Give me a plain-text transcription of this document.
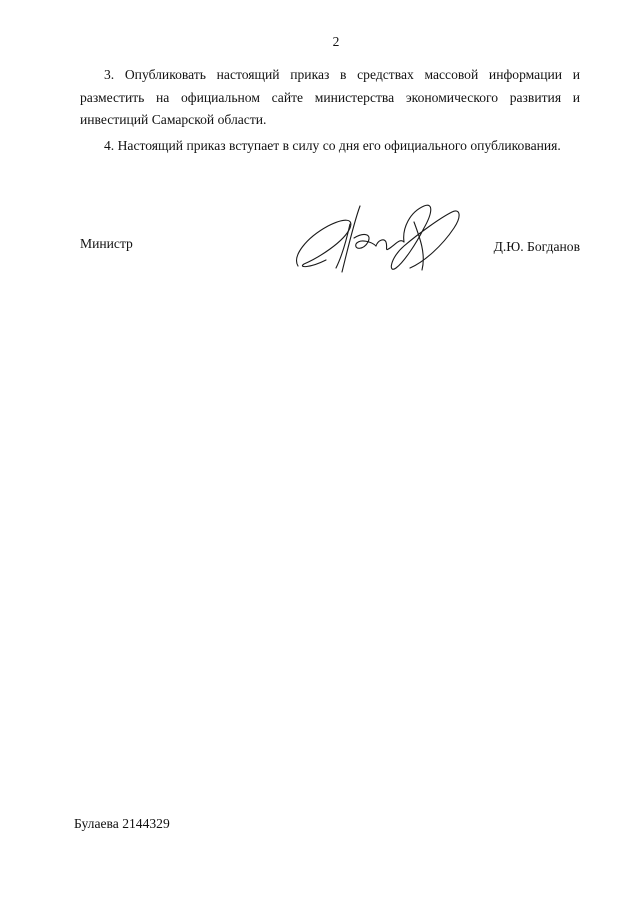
2

3. Опубликовать настоящий приказ в средствах массовой информации и разместить на официальном сайте министерства экономического развития и инвестиций Самарской области.

4. Настоящий приказ вступает в силу со дня его официального опубликования.

Министр	Д.Ю. Богданов
Булаева 2144329
